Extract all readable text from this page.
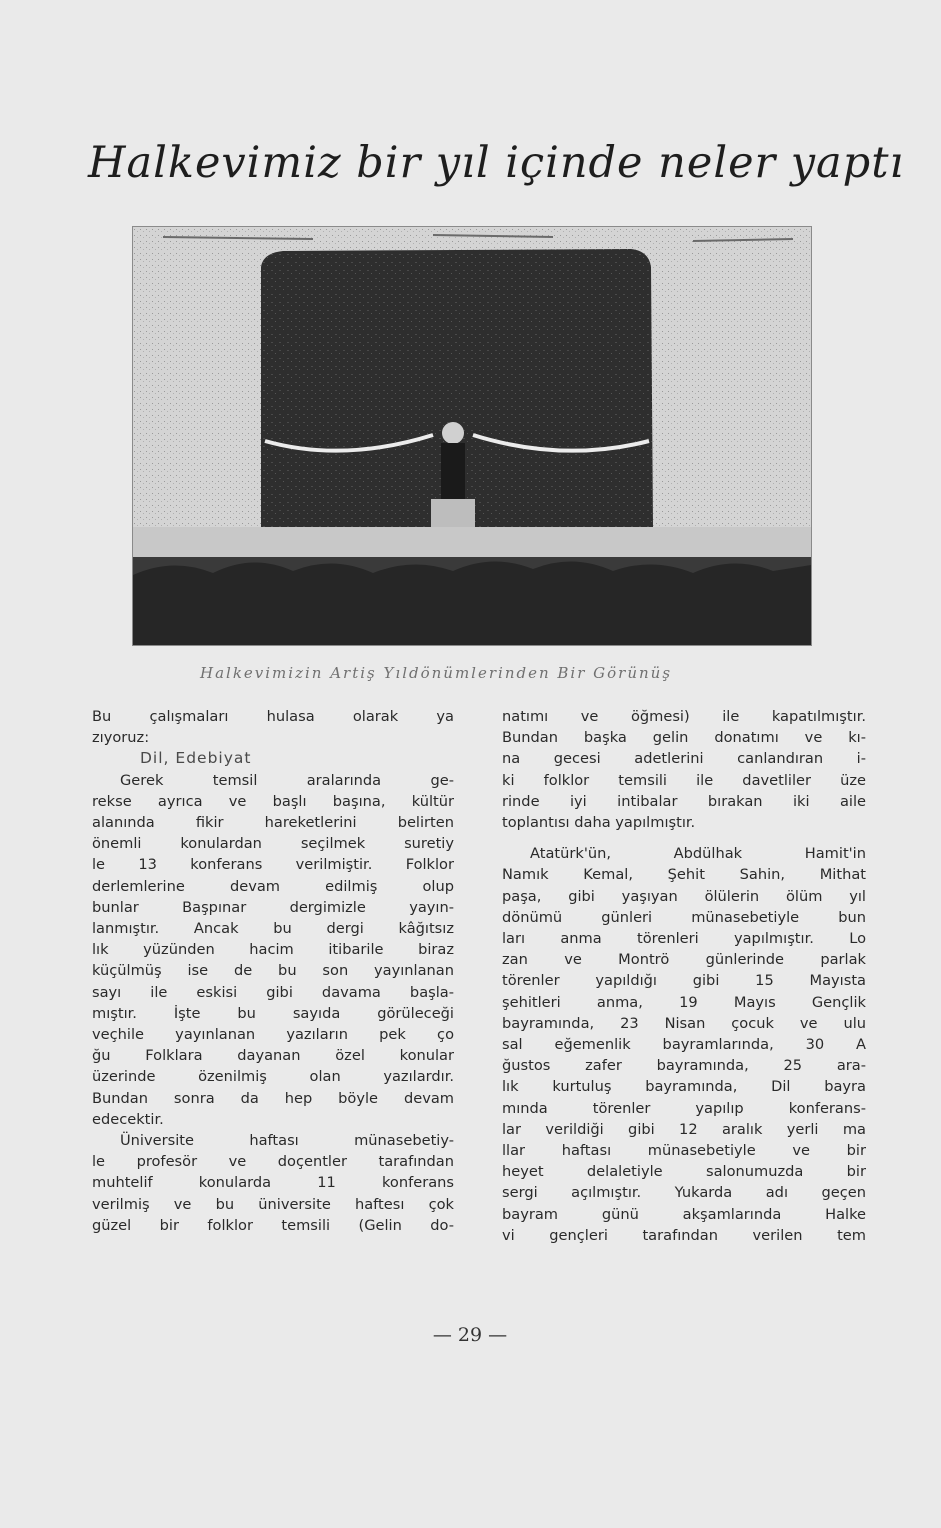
Halkevimiz bir yıl içinde neler yaptı
Halkevimizin Artiş Yıldönümlerinden Bir Görünüş
Bu çalışmaları hulasa olarak ya
zıyoruz:
Dil, Edebiyat
Gerek temsil aralarında ge-
rekse ayrıca ve başlı başına, kültür
alanında fikir hareketlerini belirten
önemli konulardan seçilmek suretiy
le 13 konferans verilmiştir. Folklor
derlemlerine devam edilmiş olup
bunlar Başpınar dergimizle yayın-
lanmıştır. Ancak bu dergi kâğıtsız
lık yüzünden hacim itibarile biraz
küçülmüş ise de bu son yayınlanan
sayı ile eskisi gibi davama başla-
mıştır. İşte bu sayıda görüleceği
veçhile yayınlanan yazıların pek ço
ğu Folklara dayanan özel konular
üzerinde özenilmiş olan yazılardır.
Bundan sonra da hep böyle devam
edecektir.
Üniversite haftası münasebetiy-
le profesör ve doçentler tarafından
muhtelif konularda 11 konferans
verilmiş ve bu üniversite haftesı çok
güzel bir folklor temsili (Gelin do-
natımı ve öğmesi) ile kapatılmıştır.
Bundan başka gelin donatımı ve kı-
na gecesi adetlerini canlandıran i-
ki folklor temsili ile davetliler üze
rinde iyi intibalar bırakan iki aile
toplantısı daha yapılmıştır.
Atatürk'ün, Abdülhak Hamit'in
Namık Kemal, Şehit Sahin, Mithat
paşa, gibi yaşıyan ölülerin ölüm yıl
dönümü günleri münasebetiyle bun
ları anma törenleri yapılmıştır. Lo
zan ve Montrö günlerinde parlak
törenler yapıldığı gibi 15 Mayısta
şehitleri anma, 19 Mayıs Gençlik
bayramında, 23 Nisan çocuk ve ulu
sal eğemenlik bayramlarında, 30 A
ğustos zafer bayramında, 25 ara-
lık kurtuluş bayramında, Dil bayra
mında törenler yapılıp konferans-
lar verildiği gibi 12 aralık yerli ma
llar haftası münasebetiyle ve bir
heyet delaletiyle salonumuzda bir
sergi açılmıştır. Yukarda adı geçen
bayram günü akşamlarında Halke
vi gençleri tarafından verilen tem
— 29 —
